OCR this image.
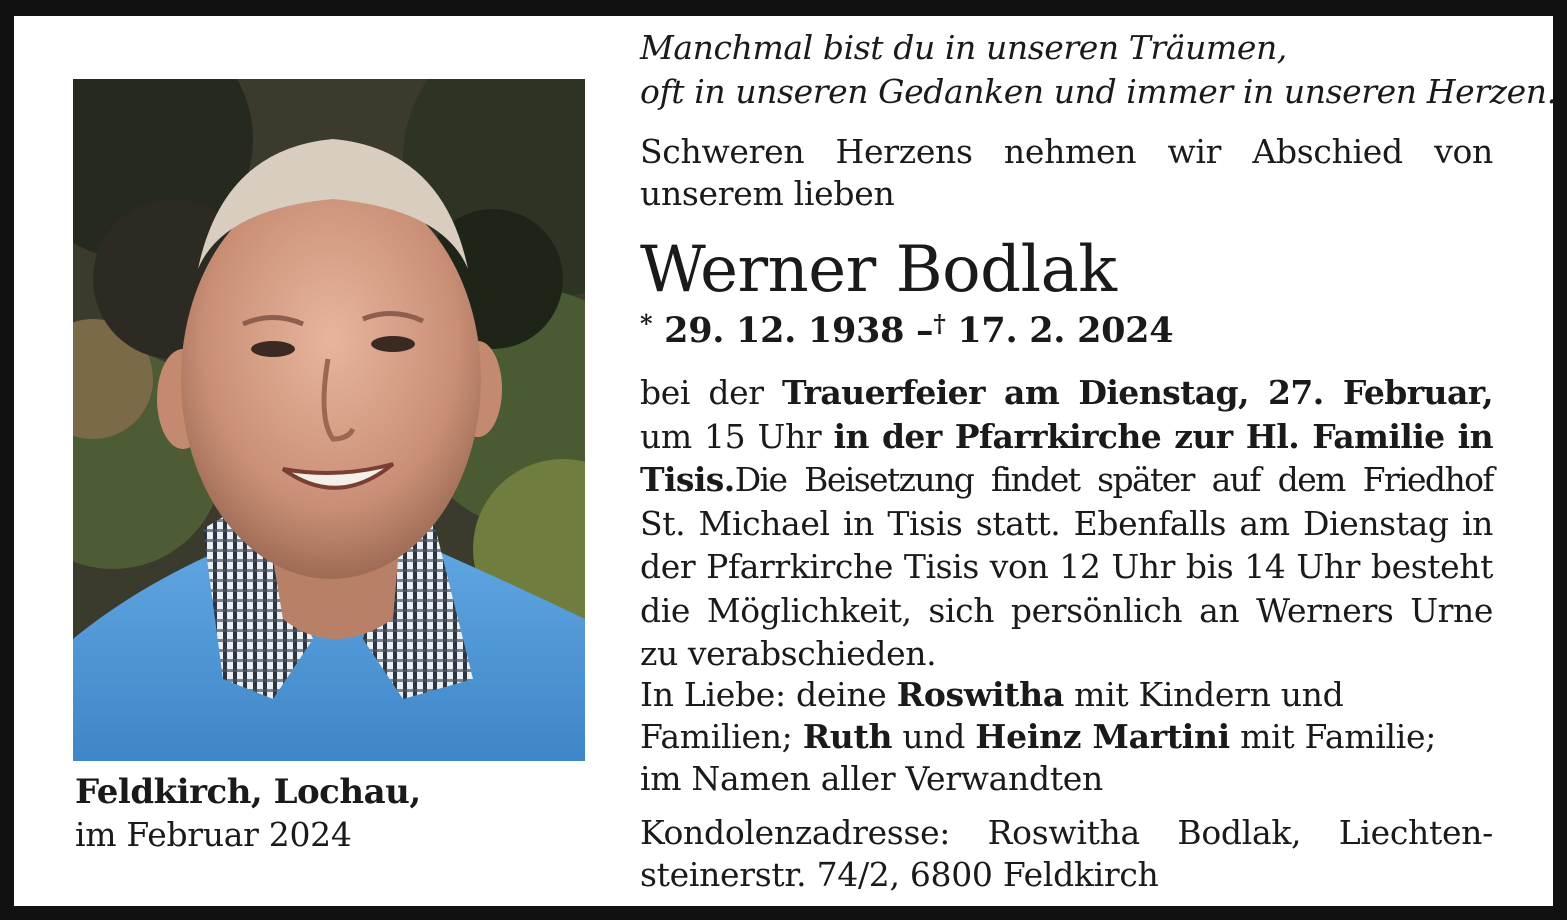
Feldkirch, Lochau,
im Februar 2024
Manchmal bist du in unseren Träumen,
oft in unseren Gedanken und immer in unseren Herzen.
Schweren Herzens nehmen wir Abschied von
unserem lieben
Werner Bodlak
* 29. 12. 1938 –† 17. 2. 2024
bei der Trauerfeier am Dienstag, 27. Februar,
um 15 Uhr in der Pfarrkirche zur Hl. Familie in
Tisis.Die Beisetzung findet später auf dem Friedhof
St. Michael in Tisis statt. Ebenfalls am Dienstag in
der Pfarrkirche Tisis von 12 Uhr bis 14 Uhr besteht
die Möglichkeit, sich persönlich an Werners Urne
zu verabschieden.
In Liebe: deine Roswitha mit Kindern und
Familien; Ruth und Heinz Martini mit Familie;
im Namen aller Verwandten
Kondolenzadresse: Roswitha Bodlak, Liechten-
steinerstr. 74/2, 6800 Feldkirch
